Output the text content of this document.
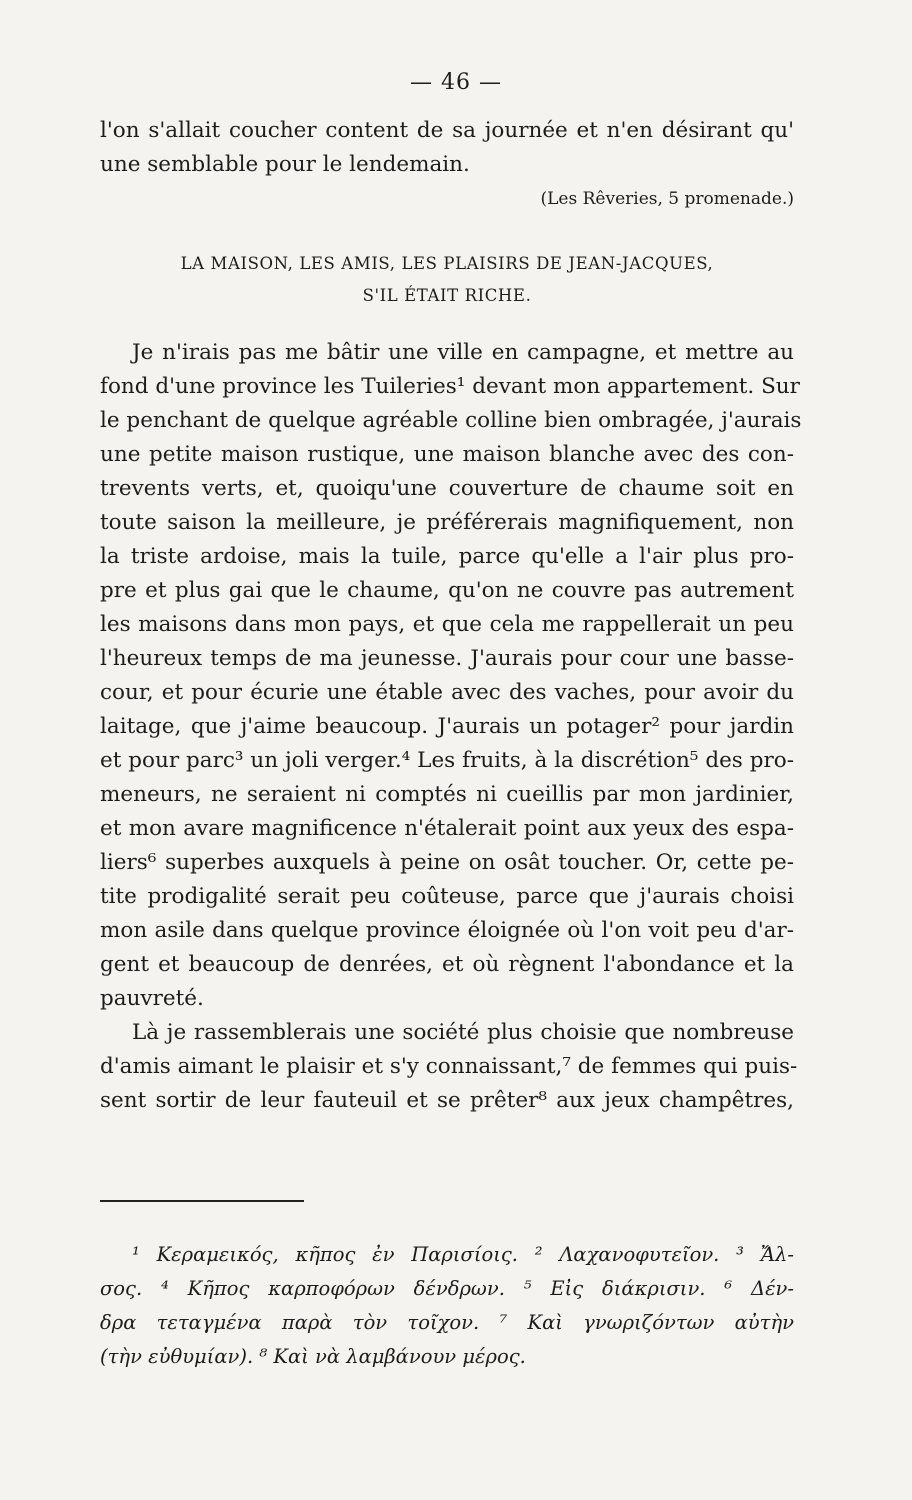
— 46 —
l'on s'allait coucher content de sa journée et n'en désirant qu'
une semblable pour le lendemain.
(Les Rêveries, 5 promenade.)
LA MAISON, LES AMIS, LES PLAISIRS DE JEAN-JACQUES,
S'IL ÉTAIT RICHE.
Je n'irais pas me bâtir une ville en campagne, et mettre au
fond d'une province les Tuileries¹ devant mon appartement. Sur
le penchant de quelque agréable colline bien ombragée, j'aurais
une petite maison rustique, une maison blanche avec des con-
trevents verts, et, quoiqu'une couverture de chaume soit en
toute saison la meilleure, je préférerais magnifiquement, non
la triste ardoise, mais la tuile, parce qu'elle a l'air plus pro-
pre et plus gai que le chaume, qu'on ne couvre pas autrement
les maisons dans mon pays, et que cela me rappellerait un peu
l'heureux temps de ma jeunesse. J'aurais pour cour une basse-
cour, et pour écurie une étable avec des vaches, pour avoir du
laitage, que j'aime beaucoup. J'aurais un potager² pour jardin
et pour parc³ un joli verger.⁴ Les fruits, à la discrétion⁵ des pro-
meneurs, ne seraient ni comptés ni cueillis par mon jardinier,
et mon avare magnificence n'étalerait point aux yeux des espa-
liers⁶ superbes auxquels à peine on osât toucher. Or, cette pe-
tite prodigalité serait peu coûteuse, parce que j'aurais choisi
mon asile dans quelque province éloignée où l'on voit peu d'ar-
gent et beaucoup de denrées, et où règnent l'abondance et la
pauvreté.
Là je rassemblerais une société plus choisie que nombreuse
d'amis aimant le plaisir et s'y connaissant,⁷ de femmes qui puis-
sent sortir de leur fauteuil et se prêter⁸ aux jeux champêtres,
¹ Κεραμεικός, κῆπος ἐν Παρισίοις. ² Λαχανοφυτεῖον. ³ Ἄλ-
σος. ⁴ Κῆπος καρποφόρων δένδρων. ⁵ Εἰς διάκρισιν. ⁶ Δέν-
δρα τεταγμένα παρὰ τὸν τοῖχον. ⁷ Καὶ γνωριζόντων αὐτὴν
(τὴν εὐθυμίαν). ⁸ Καὶ νὰ λαμβάνουν μέρος.
